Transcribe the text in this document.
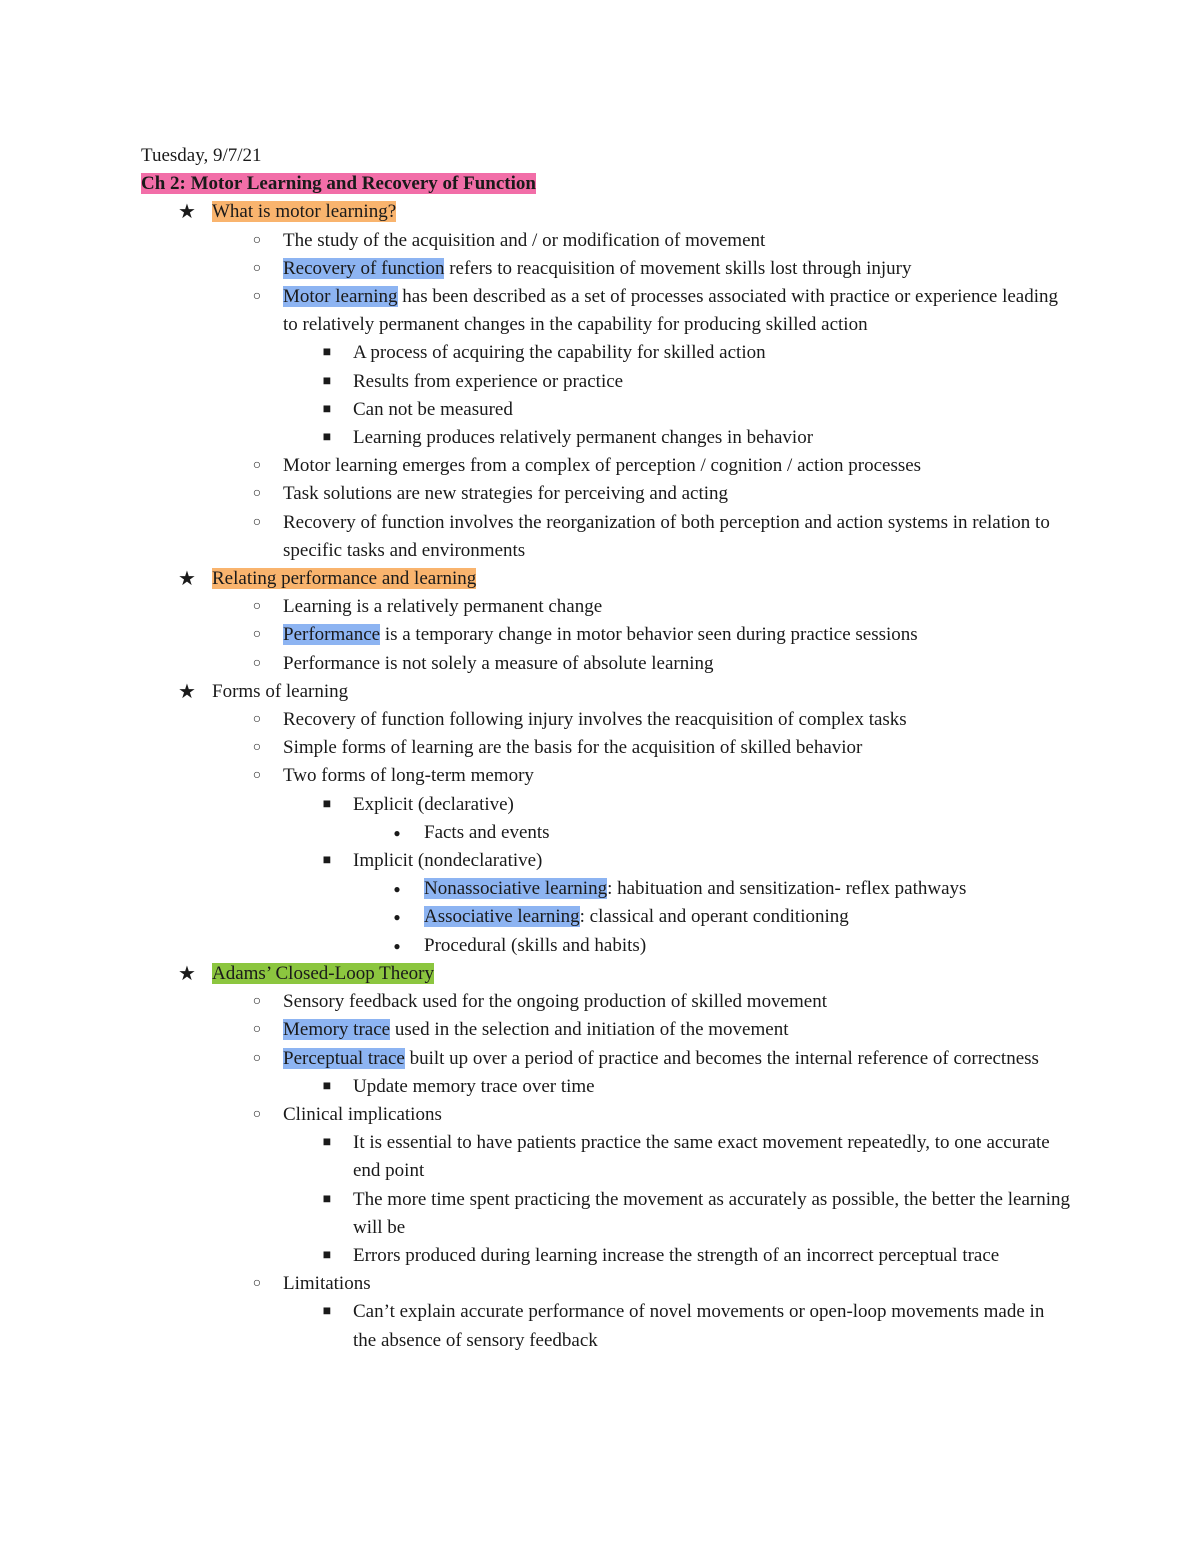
Tuesday, 9/7/21
Ch 2: Motor Learning and Recovery of Function
★ What is motor learning?
○	The study of the acquisition and / or modification of movement
○	Recovery of function refers to reacquisition of movement skills lost through injury
○	Motor learning has been described as a set of processes associated with practice or experience leading to relatively permanent changes in the capability for producing skilled action
■	A process of acquiring the capability for skilled action
■	Results from experience or practice
■	Can not be measured
■	Learning produces relatively permanent changes in behavior
○	Motor learning emerges from a complex of perception / cognition / action processes
○	Task solutions are new strategies for perceiving and acting
○	Recovery of function involves the reorganization of both perception and action systems in relation to specific tasks and environments
★ Relating performance and learning
○	Learning is a relatively permanent change
○	Performance is a temporary change in motor behavior seen during practice sessions
○	Performance is not solely a measure of absolute learning
★ Forms of learning
○	Recovery of function following injury involves the reacquisition of complex tasks
○	Simple forms of learning are the basis for the acquisition of skilled behavior
○	Two forms of long-term memory
■	Explicit (declarative)
●	Facts and events
■	Implicit (nondeclarative)
●	Nonassociative learning: habituation and sensitization- reflex pathways
●	Associative learning: classical and operant conditioning
●	Procedural (skills and habits)
★ Adams’ Closed-Loop Theory
○	Sensory feedback used for the ongoing production of skilled movement
○	Memory trace used in the selection and initiation of the movement
○	Perceptual trace built up over a period of practice and becomes the internal reference of correctness
■	Update memory trace over time
○	Clinical implications
■	It is essential to have patients practice the same exact movement repeatedly, to one accurate end point
■	The more time spent practicing the movement as accurately as possible, the better the learning will be
■	Errors produced during learning increase the strength of an incorrect perceptual trace
○	Limitations
■	Can’t explain accurate performance of novel movements or open-loop movements made in the absence of sensory feedback
